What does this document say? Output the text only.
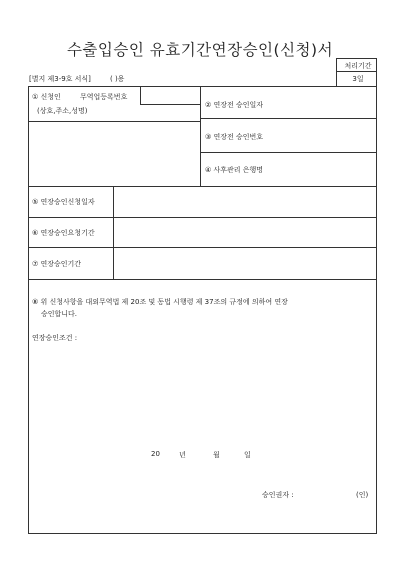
수출입승인 유효기간연장승인(신청)서
[별지 제3-9호 서식]	( )용
처리기간
3일
① 신청인	무역업등록번호
(상호,주소,성명)
② 연장전 승인일자
③ 연장전 승인번호
④ 사후관리 은행명
⑤ 연장승인신청일자
⑥ 연장승인요청기간
⑦ 연장승인기간
⑧ 위 신청사항을 대외무역법 제 20조 및 동법 시행령 제 37조의 규정에 의하여 연장
승인합니다.
연장승인조건 :
20	년	월	일
승인권자 :	(인)
